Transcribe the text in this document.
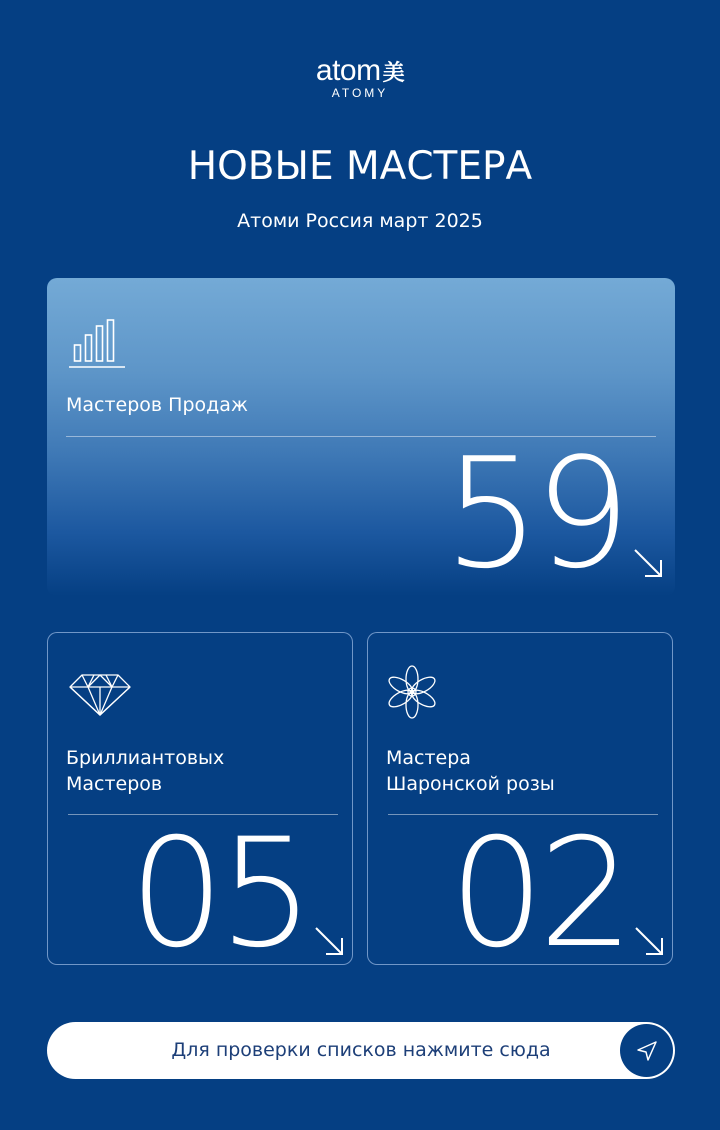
atom 美
ATOMY
НОВЫЕ МАСТЕРА
Атоми Россия март 2025
Мастеров Продаж
59
Бриллиантовых
Мастеров
05
Мастера
Шаронской розы
02
Для проверки списков нажмите сюда
